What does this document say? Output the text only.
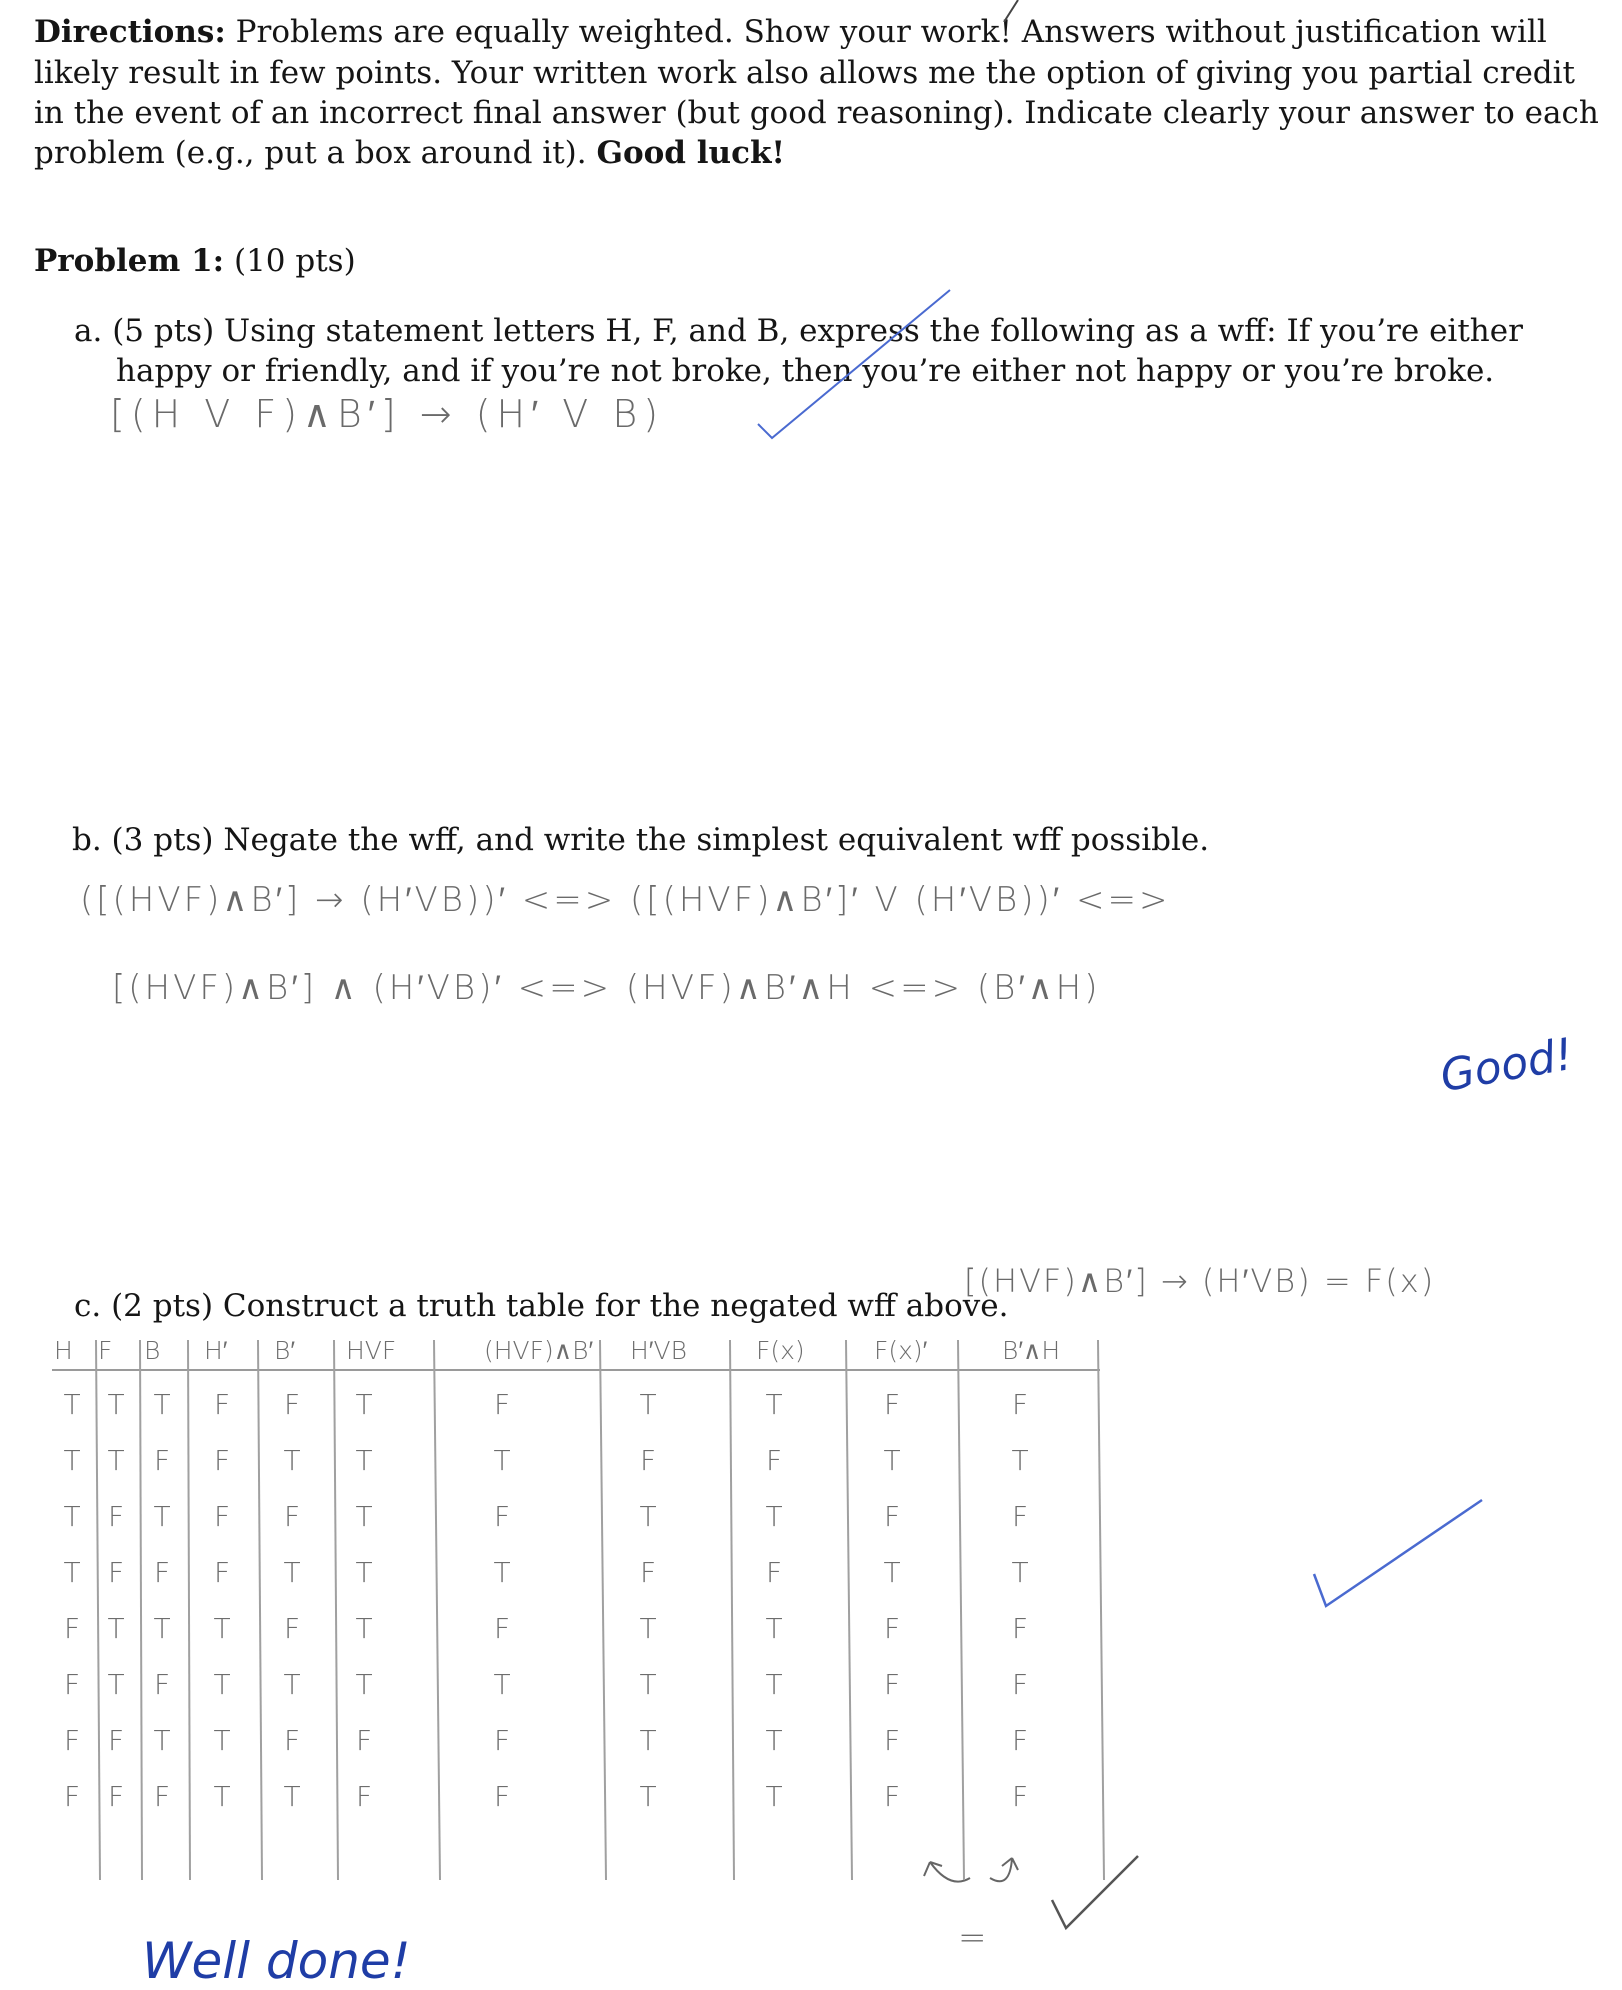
Directions: Problems are equally weighted. Show your work! Answers without justification will
likely result in few points. Your written work also allows me the option of giving you partial credit
in the event of an incorrect final answer (but good reasoning). Indicate clearly your answer to each
problem (e.g., put a box around it). Good luck!
Problem 1: (10 pts)
a. (5 pts) Using statement letters H, F, and B, express the following as a wff: If you’re either
happy or friendly, and if you’re not broke, then you’re either not happy or you’re broke.
[(H V F)∧B′] → (H′ V B)
b. (3 pts) Negate the wff, and write the simplest equivalent wff possible.
([(HVF)∧B′] → (H′VB))′ <=> ([(HVF)∧B′]′ V (H′VB))′ <=>
[(HVF)∧B′] ∧ (H′VB)′ <=> (HVF)∧B′∧H <=> (B′∧H)
Good!
c. (2 pts) Construct a truth table for the negated wff above.
[(HVF)∧B′] → (H′VB) = F(x)
H F B H′ B′ HVF	(HVF)∧B′ H′VB	F(x)	F(x)′	B′∧H
T T	T	F	F	T	F	T	T	F	F
T T	F	F	T	T	T	F	F	T	T
T F	T	F	F	T	F	T	T	F	F
T F	F	F	T	T	T	F	F	T	T
F T	T	T	F	T	F	T	T	F	F
F T	F	T	T	T	T	T	T	F	F
F F	T	T	F	F	F	T	T	F	F
F F	F	T	T	F	F	T	T	F	F
=
Well done!
